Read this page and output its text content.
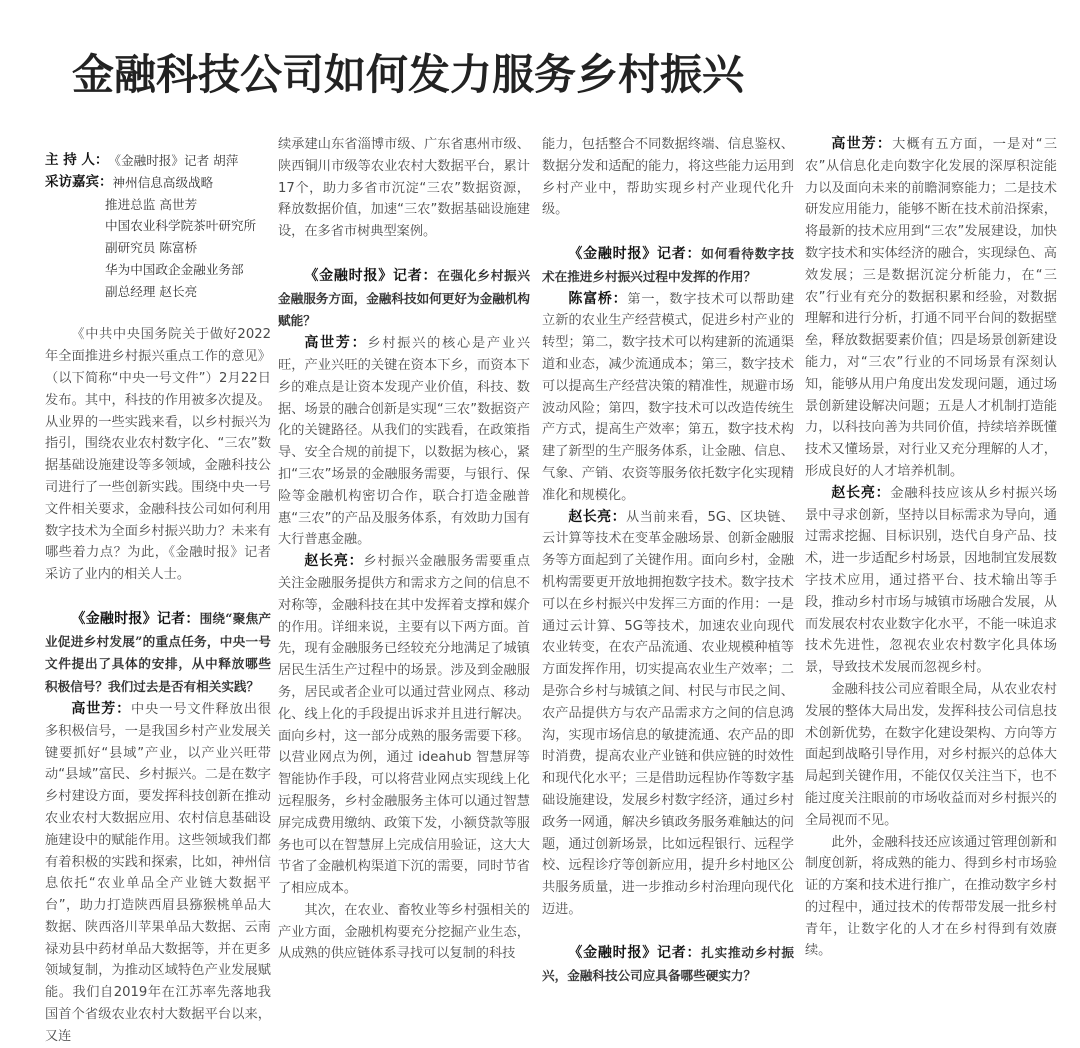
金融科技公司如何发力服务乡村振兴
主 持 人： 《金融时报》记者 胡萍
采访嘉宾： 神州信息高级战略
推进总监 高世芳
中国农业科学院茶叶研究所
副研究员 陈富桥
华为中国政企金融业务部
副总经理 赵长亮

《中共中央国务院关于做好2022年全面推进乡村振兴重点工作的意见》（以下简称“中央一号文件”）2月22日发布。其中，科技的作用被多次提及。从业界的一些实践来看，以乡村振兴为指引，围绕农业农村数字化、“三农”数据基础设施建设等多领域，金融科技公司进行了一些创新实践。围绕中央一号文件相关要求，金融科技公司如何利用数字技术为全面乡村振兴助力？未来有哪些着力点？为此，《金融时报》记者采访了业内的相关人士。

《金融时报》记者：围绕“聚焦产业促进乡村发展”的重点任务，中央一号文件提出了具体的安排，从中释放哪些积极信号？我们过去是否有相关实践？

高世芳：中央一号文件释放出很多积极信号，一是我国乡村产业发展关键要抓好“县域”产业，以产业兴旺带动“县域”富民、乡村振兴。二是在数字乡村建设方面，要发挥科技创新在推动农业农村大数据应用、农村信息基础设施建设中的赋能作用。这些领域我们都有着积极的实践和探索，比如，神州信息依托“农业单品全产业链大数据平台”，助力打造陕西眉县猕猴桃单品大数据、陕西洛川苹果单品大数据、云南禄劝县中药材单品大数据等，并在更多领域复制，为推动区域特色产业发展赋能。我们自2019年在江苏率先落地我国首个省级农业农村大数据平台以来，又连

续承建山东省淄博市级、广东省惠州市级、陕西铜川市级等农业农村大数据平台，累计17个，助力多省市沉淀“三农”数据资源，释放数据价值，加速“三农”数据基础设施建设，在多省市树典型案例。

《金融时报》记者：在强化乡村振兴金融服务方面，金融科技如何更好为金融机构赋能？

高世芳：乡村振兴的核心是产业兴旺，产业兴旺的关键在资本下乡，而资本下乡的难点是让资本发现产业价值，科技、数据、场景的融合创新是实现“三农”数据资产化的关键路径。从我们的实践看，在政策指导、安全合规的前提下，以数据为核心，紧扣“三农”场景的金融服务需要，与银行、保险等金融机构密切合作，联合打造金融普惠“三农”的产品及服务体系，有效助力国有大行普惠金融。

赵长亮：乡村振兴金融服务需要重点关注金融服务提供方和需求方之间的信息不对称等，金融科技在其中发挥着支撑和媒介的作用。详细来说，主要有以下两方面。首先，现有金融服务已经较充分地满足了城镇居民生活生产过程中的场景。涉及到金融服务，居民或者企业可以通过营业网点、移动化、线上化的手段提出诉求并且进行解决。面向乡村，这一部分成熟的服务需要下移。以营业网点为例，通过 ideahub 智慧屏等智能协作手段，可以将营业网点实现线上化远程服务，乡村金融服务主体可以通过智慧屏完成费用缴纳、政策下发，小额贷款等服务也可以在智慧屏上完成信用验证，这大大节省了金融机构渠道下沉的需要，同时节省了相应成本。

其次，在农业、畜牧业等乡村强相关的产业方面，金融机构要充分挖掘产业生态，从成熟的供应链体系寻找可以复制的科技

能力，包括整合不同数据终端、信息鉴权、数据分发和适配的能力，将这些能力运用到乡村产业中，帮助实现乡村产业现代化升级。

《金融时报》记者：如何看待数字技术在推进乡村振兴过程中发挥的作用？

陈富桥：第一，数字技术可以帮助建立新的农业生产经营模式，促进乡村产业的转型；第二，数字技术可以构建新的流通渠道和业态，减少流通成本；第三，数字技术可以提高生产经营决策的精准性，规避市场波动风险；第四，数字技术可以改造传统生产方式，提高生产效率；第五，数字技术构建了新型的生产服务体系，让金融、信息、气象、产销、农资等服务依托数字化实现精准化和规模化。

赵长亮：从当前来看，5G、区块链、云计算等技术在变革金融场景、创新金融服务等方面起到了关键作用。面向乡村，金融机构需要更开放地拥抱数字技术。数字技术可以在乡村振兴中发挥三方面的作用：一是通过云计算、5G等技术，加速农业向现代农业转变，在农产品流通、农业规模种植等方面发挥作用，切实提高农业生产效率；二是弥合乡村与城镇之间、村民与市民之间、农产品提供方与农产品需求方之间的信息鸿沟，实现市场信息的敏捷流通、农产品的即时消费，提高农业产业链和供应链的时效性和现代化水平；三是借助远程协作等数字基础设施建设，发展乡村数字经济，通过乡村政务一网通，解决乡镇政务服务难触达的问题，通过创新场景，比如远程银行、远程学校、远程诊疗等创新应用，提升乡村地区公共服务质量，进一步推动乡村治理向现代化迈进。

《金融时报》记者：扎实推动乡村振兴，金融科技公司应具备哪些硬实力？

高世芳：大概有五方面，一是对“三农”从信息化走向数字化发展的深厚积淀能力以及面向未来的前瞻洞察能力；二是技术研发应用能力，能够不断在技术前沿探索，将最新的技术应用到“三农”发展建设，加快数字技术和实体经济的融合，实现绿色、高效发展；三是数据沉淀分析能力，在“三农”行业有充分的数据积累和经验，对数据理解和进行分析，打通不同平台间的数据壁垒，释放数据要素价值；四是场景创新建设能力，对“三农”行业的不同场景有深刻认知，能够从用户角度出发发现问题，通过场景创新建设解决问题；五是人才机制打造能力，以科技向善为共同价值，持续培养既懂技术又懂场景，对行业又充分理解的人才，形成良好的人才培养机制。

赵长亮：金融科技应该从乡村振兴场景中寻求创新，坚持以目标需求为导向，通过需求挖掘、目标识别，迭代自身产品、技术，进一步适配乡村场景，因地制宜发展数字技术应用，通过搭平台、技术输出等手段，推动乡村市场与城镇市场融合发展，从而发展农村农业数字化水平，不能一味追求技术先进性，忽视农业农村数字化具体场景，导致技术发展而忽视乡村。

金融科技公司应着眼全局，从农业农村发展的整体大局出发，发挥科技公司信息技术创新优势，在数字化建设架构、方向等方面起到战略引导作用，对乡村振兴的总体大局起到关键作用，不能仅仅关注当下，也不能过度关注眼前的市场收益而对乡村振兴的全局视而不见。

此外，金融科技还应该通过管理创新和制度创新，将成熟的能力、得到乡村市场验证的方案和技术进行推广，在推动数字乡村的过程中，通过技术的传帮带发展一批乡村青年，让数字化的人才在乡村得到有效赓续。
